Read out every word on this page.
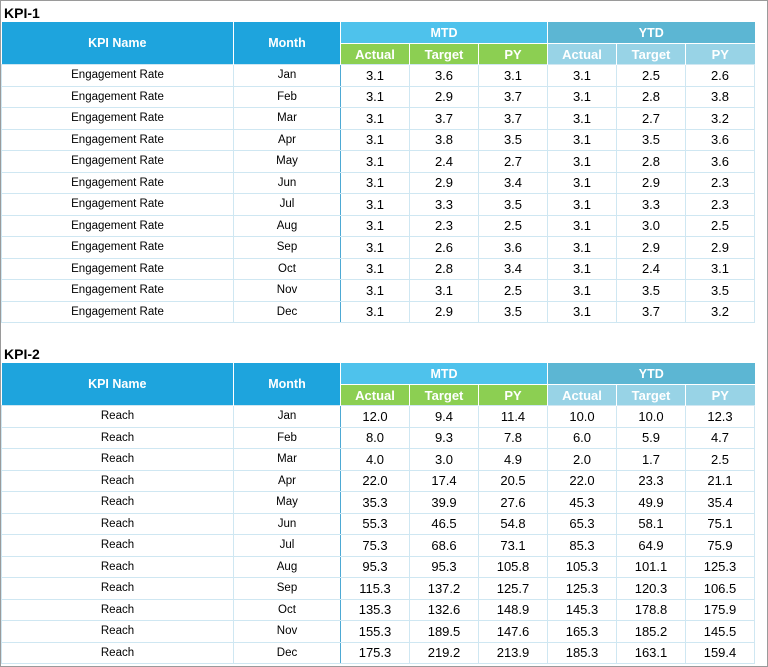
KPI-1
KPI Name	Month	MTD			YTD		
		Actual	Target	PY	Actual	Target	PY
Engagement Rate	Jan	3.1	3.6	3.1	3.1	2.5	2.6
Engagement Rate	Feb	3.1	2.9	3.7	3.1	2.8	3.8
Engagement Rate	Mar	3.1	3.7	3.7	3.1	2.7	3.2
Engagement Rate	Apr	3.1	3.8	3.5	3.1	3.5	3.6
Engagement Rate	May	3.1	2.4	2.7	3.1	2.8	3.6
Engagement Rate	Jun	3.1	2.9	3.4	3.1	2.9	2.3
Engagement Rate	Jul	3.1	3.3	3.5	3.1	3.3	2.3
Engagement Rate	Aug	3.1	2.3	2.5	3.1	3.0	2.5
Engagement Rate	Sep	3.1	2.6	3.6	3.1	2.9	2.9
Engagement Rate	Oct	3.1	2.8	3.4	3.1	2.4	3.1
Engagement Rate	Nov	3.1	3.1	2.5	3.1	3.5	3.5
Engagement Rate	Dec	3.1	2.9	3.5	3.1	3.7	3.2
KPI-2
KPI Name	Month	MTD			YTD		
		Actual	Target	PY	Actual	Target	PY
Reach	Jan	12.0	9.4	11.4	10.0	10.0	12.3
Reach	Feb	8.0	9.3	7.8	6.0	5.9	4.7
Reach	Mar	4.0	3.0	4.9	2.0	1.7	2.5
Reach	Apr	22.0	17.4	20.5	22.0	23.3	21.1
Reach	May	35.3	39.9	27.6	45.3	49.9	35.4
Reach	Jun	55.3	46.5	54.8	65.3	58.1	75.1
Reach	Jul	75.3	68.6	73.1	85.3	64.9	75.9
Reach	Aug	95.3	95.3	105.8	105.3	101.1	125.3
Reach	Sep	115.3	137.2	125.7	125.3	120.3	106.5
Reach	Oct	135.3	132.6	148.9	145.3	178.8	175.9
Reach	Nov	155.3	189.5	147.6	165.3	185.2	145.5
Reach	Dec	175.3	219.2	213.9	185.3	163.1	159.4
